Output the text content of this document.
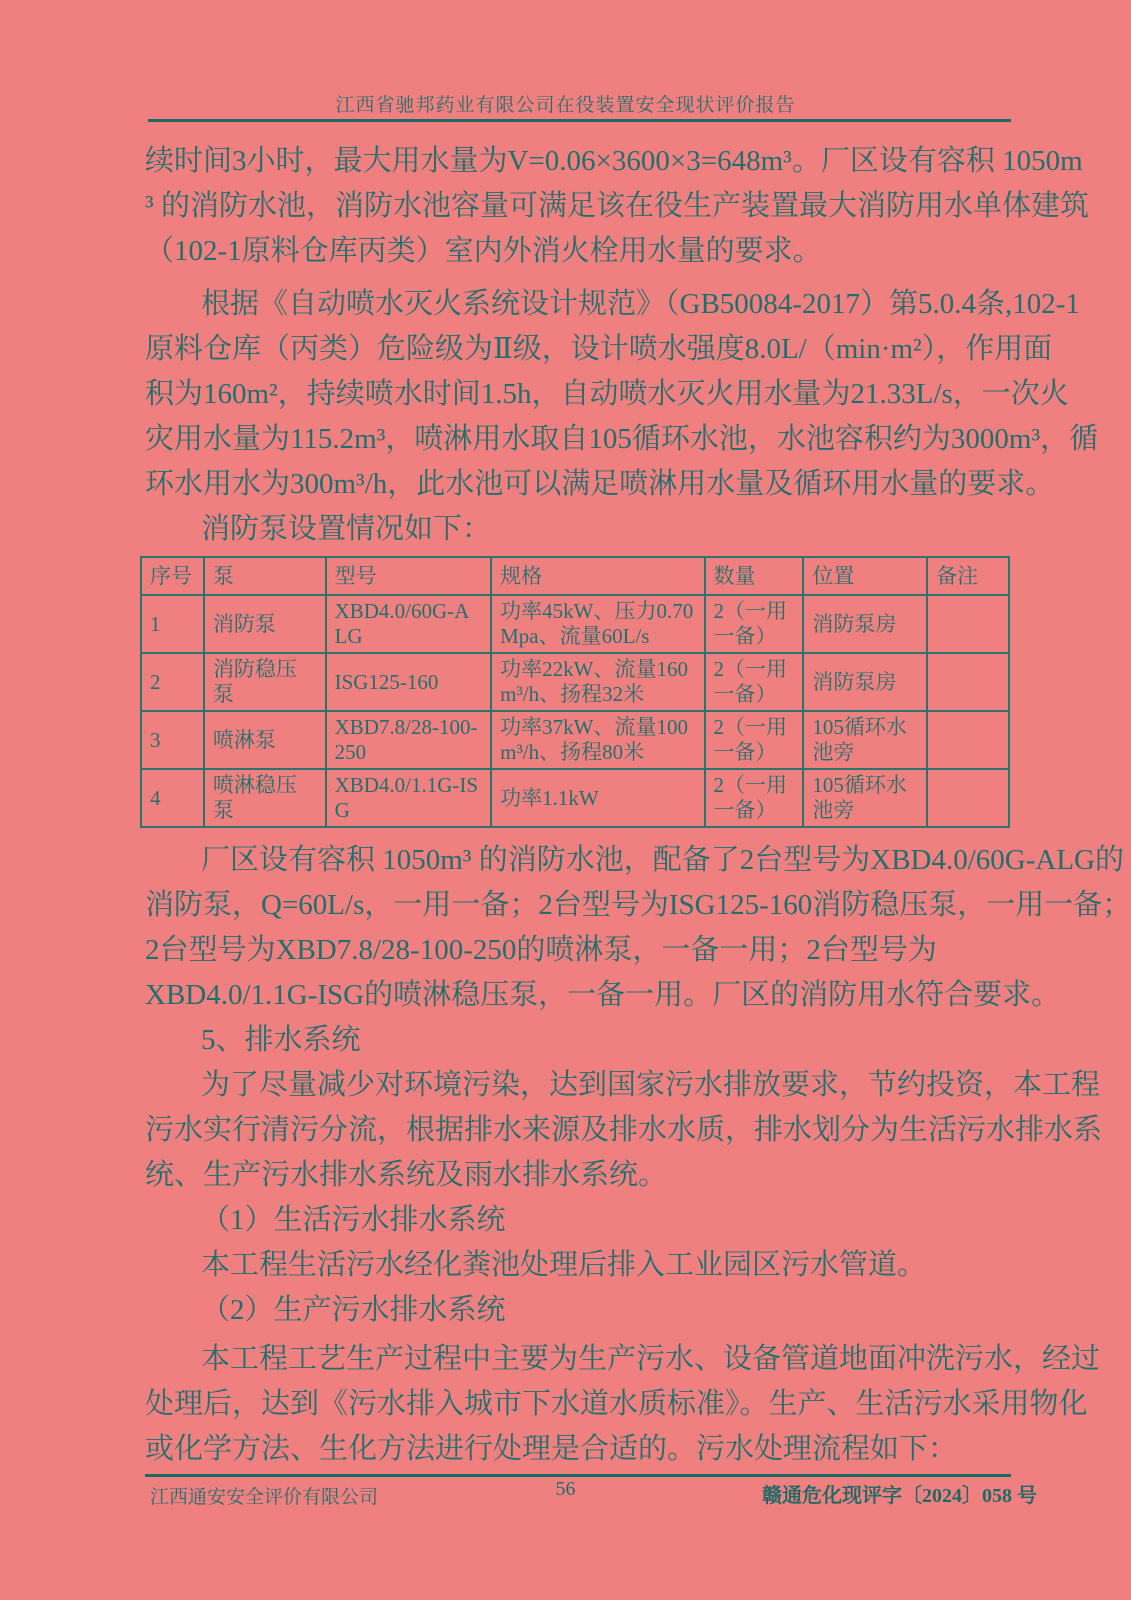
江西省驰邦药业有限公司在役装置安全现状评价报告
续时间3小时，最大用水量为V=0.06×3600×3=648m³。厂区设有容积 1050m
³ 的消防水池，消防水池容量可满足该在役生产装置最大消防用水单体建筑
（102-1原料仓库丙类）室内外消火栓用水量的要求。
根据《自动喷水灭火系统设计规范》（GB50084-2017）第5.0.4条,102-1
原料仓库（丙类）危险级为Ⅱ级，设计喷水强度8.0L/（min·m²），作用面
积为160m²，持续喷水时间1.5h，自动喷水灭火用水量为21.33L/s，一次火
灾用水量为115.2m³，喷淋用水取自105循环水池，水池容积约为3000m³，循
环水用水为300m³/h，此水池可以满足喷淋用水量及循环用水量的要求。
消防泵设置情况如下：
序号	泵	型号	规格	数量	位置	备注
1	消防泵	XBD4.0/60G-ALG	功率45kW、压力0.70Mpa、流量60L/s	2（一用一备）	消防泵房	
2	消防稳压泵	ISG125-160	功率22kW、流量160m³/h、扬程32米	2（一用一备）	消防泵房	
3	喷淋泵	XBD7.8/28-100-250	功率37kW、流量100m³/h、扬程80米	2（一用一备）	105循环水池旁	
4	喷淋稳压泵	XBD4.0/1.1G-ISG	功率1.1kW	2（一用一备）	105循环水池旁	
厂区设有容积 1050m³ 的消防水池，配备了2台型号为XBD4.0/60G-ALG的
消防泵，Q=60L/s，一用一备；2台型号为ISG125-160消防稳压泵，一用一备；
2台型号为XBD7.8/28-100-250的喷淋泵，一备一用；2台型号为
XBD4.0/1.1G-ISG的喷淋稳压泵，一备一用。厂区的消防用水符合要求。
5、排水系统
为了尽量减少对环境污染，达到国家污水排放要求，节约投资，本工程
污水实行清污分流，根据排水来源及排水水质，排水划分为生活污水排水系
统、生产污水排水系统及雨水排水系统。
（1）生活污水排水系统
本工程生活污水经化粪池处理后排入工业园区污水管道。
（2）生产污水排水系统
本工程工艺生产过程中主要为生产污水、设备管道地面冲洗污水，经过
处理后，达到《污水排入城市下水道水质标准》。生产、生活污水采用物化
或化学方法、生化方法进行处理是合适的。污水处理流程如下：
56
江西通安安全评价有限公司	赣通危化现评字〔2024〕058 号
